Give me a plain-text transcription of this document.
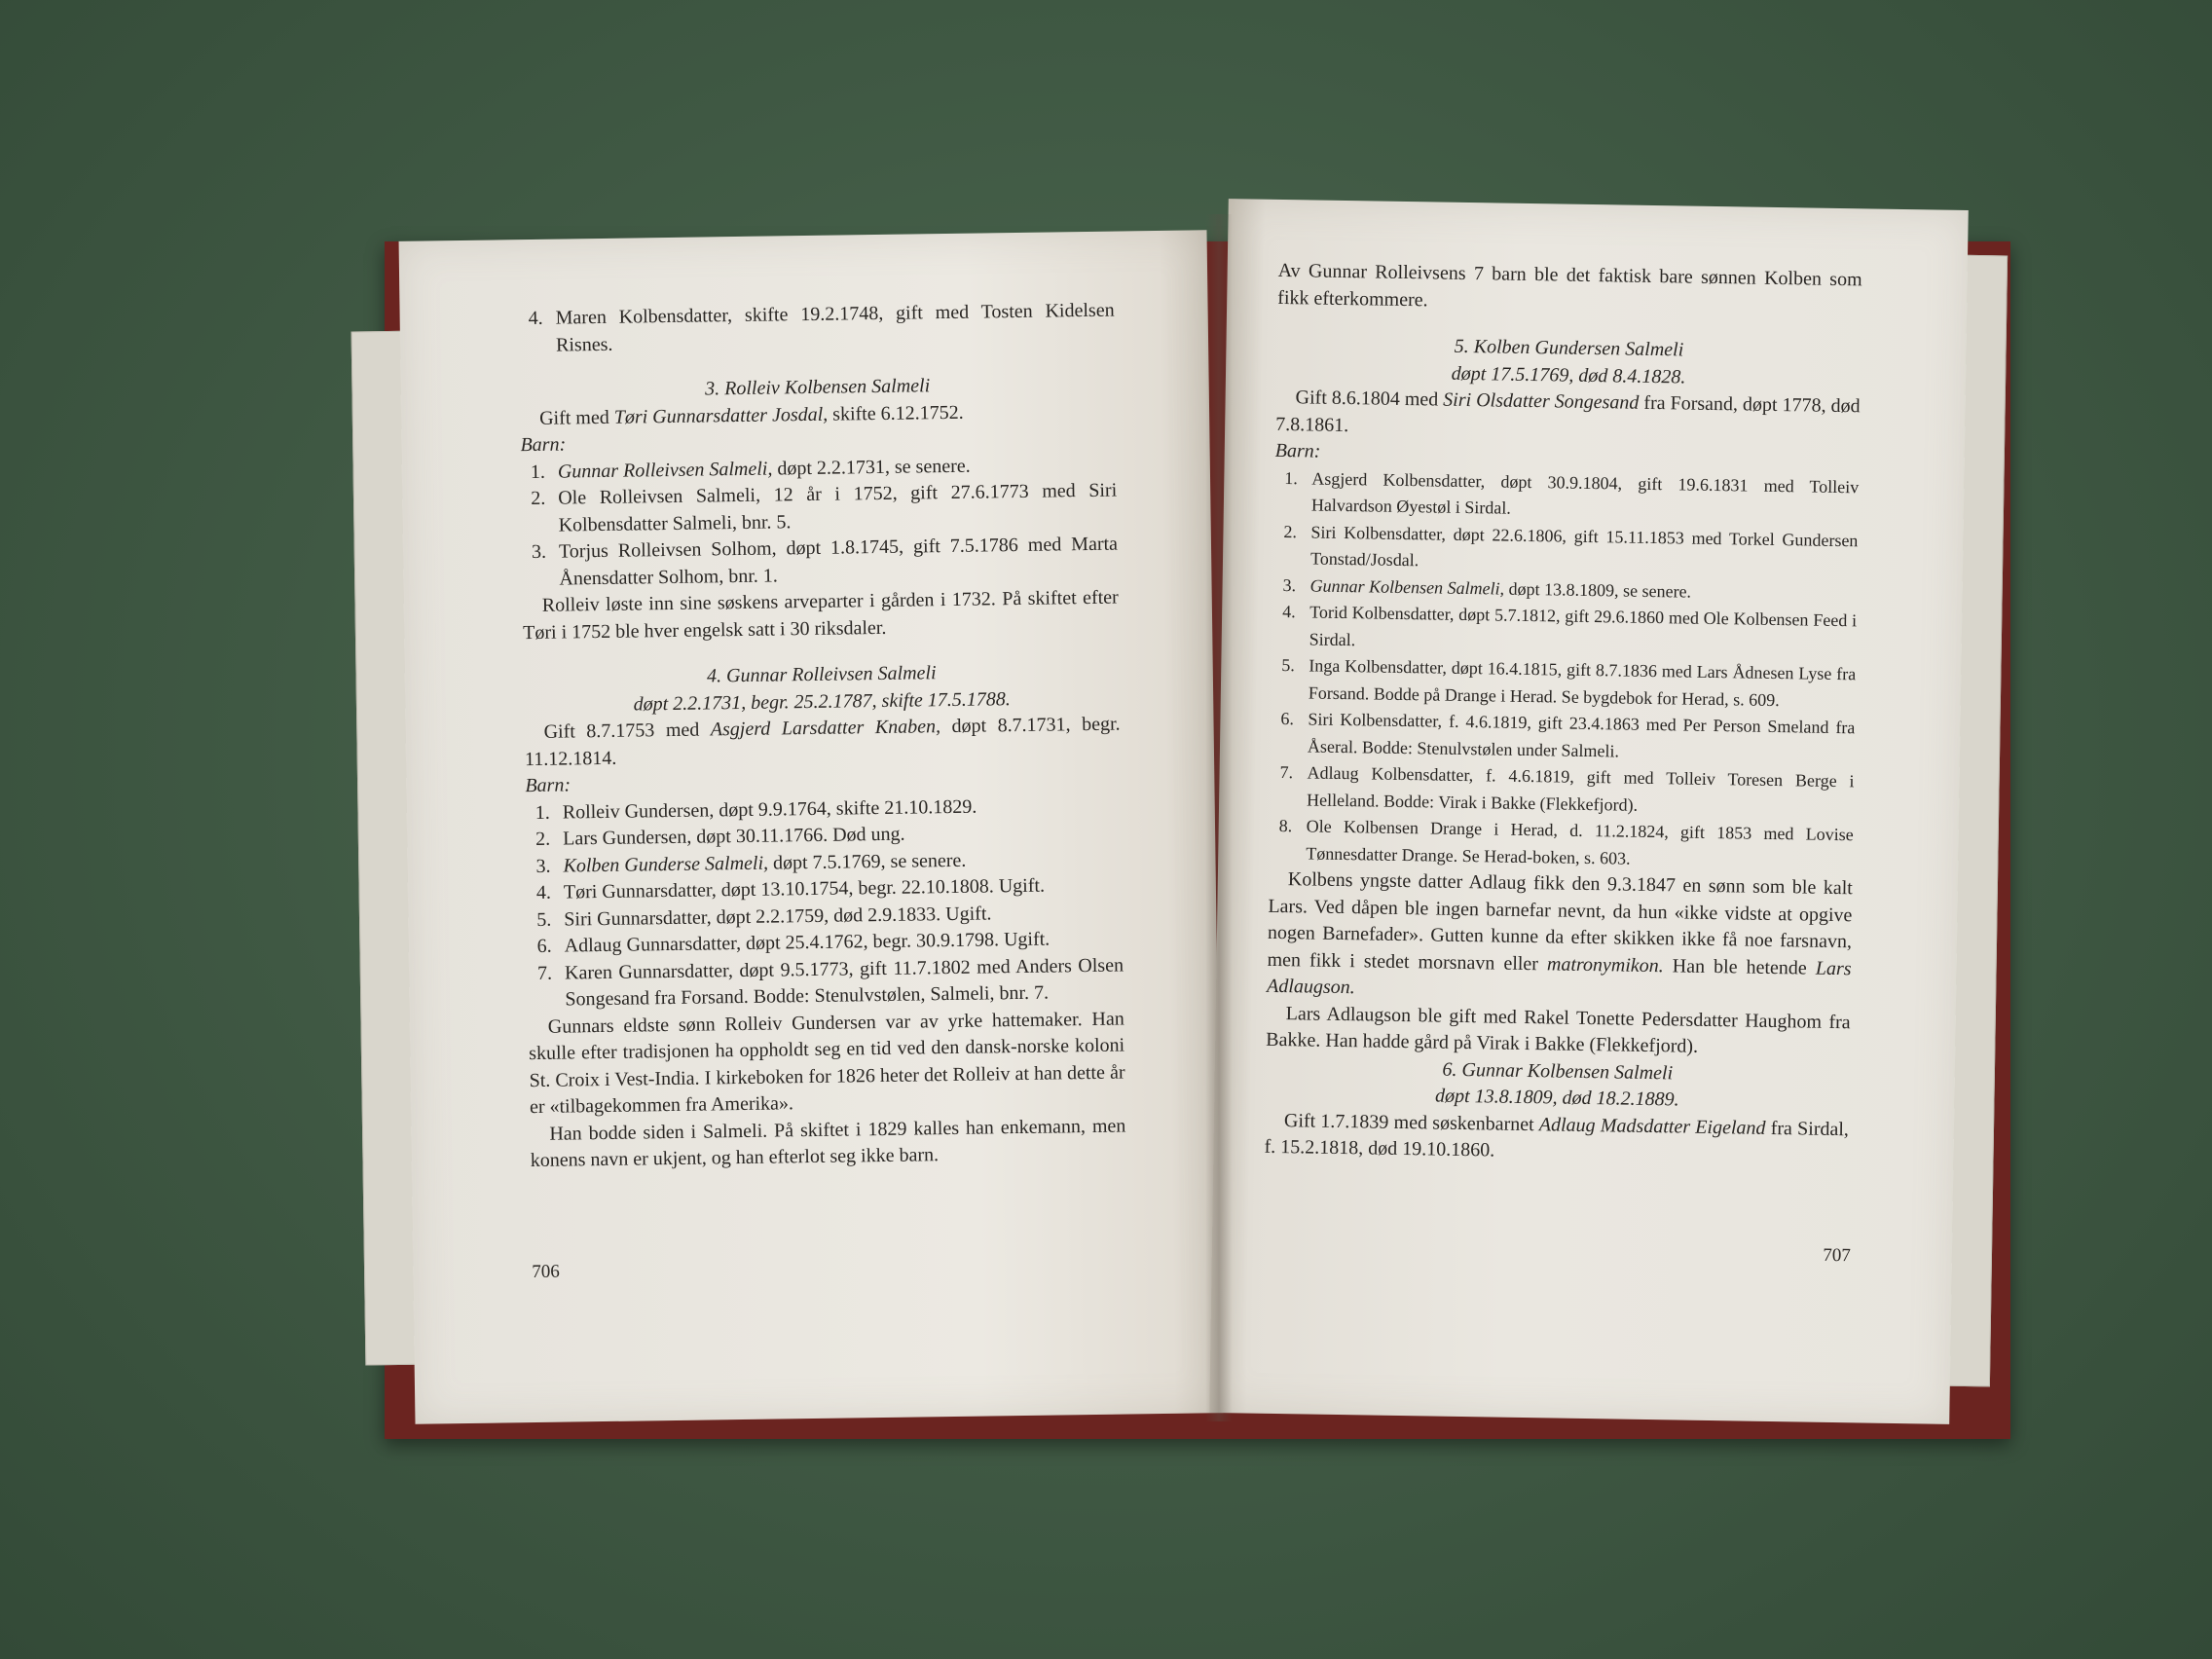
4. Maren Kolbensdatter, skifte 19.2.1748, gift med Tosten Kidelsen Risnes.

3. Rolleiv Kolbensen Salmeli

Gift med Tøri Gunnarsdatter Josdal, skifte 6.12.1752.

Barn:

1. Gunnar Rolleivsen Salmeli, døpt 2.2.1731, se senere.
2. Ole Rolleivsen Salmeli, 12 år i 1752, gift 27.6.1773 med Siri Kolbensdatter Salmeli, bnr. 5.
3. Torjus Rolleivsen Solhom, døpt 1.8.1745, gift 7.5.1786 med Marta Ånensdatter Solhom, bnr. 1.

Rolleiv løste inn sine søskens arveparter i gården i 1732. På skiftet efter Tøri i 1752 ble hver engelsk satt i 30 riksdaler.

4. Gunnar Rolleivsen Salmeli

døpt 2.2.1731, begr. 25.2.1787, skifte 17.5.1788.

Gift 8.7.1753 med Asgjerd Larsdatter Knaben, døpt 8.7.1731, begr. 11.12.1814.

Barn:

1. Rolleiv Gundersen, døpt 9.9.1764, skifte 21.10.1829.
2. Lars Gundersen, døpt 30.11.1766. Død ung.
3. Kolben Gunderse Salmeli, døpt 7.5.1769, se senere.
4. Tøri Gunnarsdatter, døpt 13.10.1754, begr. 22.10.1808. Ugift.
5. Siri Gunnarsdatter, døpt 2.2.1759, død 2.9.1833. Ugift.
6. Adlaug Gunnarsdatter, døpt 25.4.1762, begr. 30.9.1798. Ugift.
7. Karen Gunnarsdatter, døpt 9.5.1773, gift 11.7.1802 med Anders Olsen Songesand fra Forsand. Bodde: Stenulvstølen, Salmeli, bnr. 7.

Gunnars eldste sønn Rolleiv Gundersen var av yrke hattemaker. Han skulle efter tradisjonen ha oppholdt seg en tid ved den dansk-norske koloni St. Croix i Vest-India. I kirkeboken for 1826 heter det Rolleiv at han dette år er «tilbagekommen fra Amerika».

Han bodde siden i Salmeli. På skiftet i 1829 kalles han enkemann, men konens navn er ukjent, og han efterlot seg ikke barn.

706

Av Gunnar Rolleivsens 7 barn ble det faktisk bare sønnen Kolben som fikk efterkommere.

5. Kolben Gundersen Salmeli

døpt 17.5.1769, død 8.4.1828.

Gift 8.6.1804 med Siri Olsdatter Songesand fra Forsand, døpt 1778, død 7.8.1861.

Barn:

1. Asgjerd Kolbensdatter, døpt 30.9.1804, gift 19.6.1831 med Tolleiv Halvardson Øyestøl i Sirdal.
2. Siri Kolbensdatter, døpt 22.6.1806, gift 15.11.1853 med Torkel Gundersen Tonstad/Josdal.
3. Gunnar Kolbensen Salmeli, døpt 13.8.1809, se senere.
4. Torid Kolbensdatter, døpt 5.7.1812, gift 29.6.1860 med Ole Kolbensen Feed i Sirdal.
5. Inga Kolbensdatter, døpt 16.4.1815, gift 8.7.1836 med Lars Ådnesen Lyse fra Forsand. Bodde på Drange i Herad. Se bygdebok for Herad, s. 609.
6. Siri Kolbensdatter, f. 4.6.1819, gift 23.4.1863 med Per Person Smeland fra Åseral. Bodde: Stenulvstølen under Salmeli.
7. Adlaug Kolbensdatter, f. 4.6.1819, gift med Tolleiv Toresen Berge i Helleland. Bodde: Virak i Bakke (Flekkefjord).
8. Ole Kolbensen Drange i Herad, d. 11.2.1824, gift 1853 med Lovise Tønnesdatter Drange. Se Herad-boken, s. 603.

Kolbens yngste datter Adlaug fikk den 9.3.1847 en sønn som ble kalt Lars. Ved dåpen ble ingen barnefar nevnt, da hun «ikke vidste at opgive nogen Barnefader». Gutten kunne da efter skikken ikke få noe farsnavn, men fikk i stedet morsnavn eller matronymikon. Han ble hetende Lars Adlaugson.

Lars Adlaugson ble gift med Rakel Tonette Pedersdatter Haughom fra Bakke. Han hadde gård på Virak i Bakke (Flekkefjord).

6. Gunnar Kolbensen Salmeli

døpt 13.8.1809, død 18.2.1889.

Gift 1.7.1839 med søskenbarnet Adlaug Madsdatter Eigeland fra Sirdal, f. 15.2.1818, død 19.10.1860.

707
